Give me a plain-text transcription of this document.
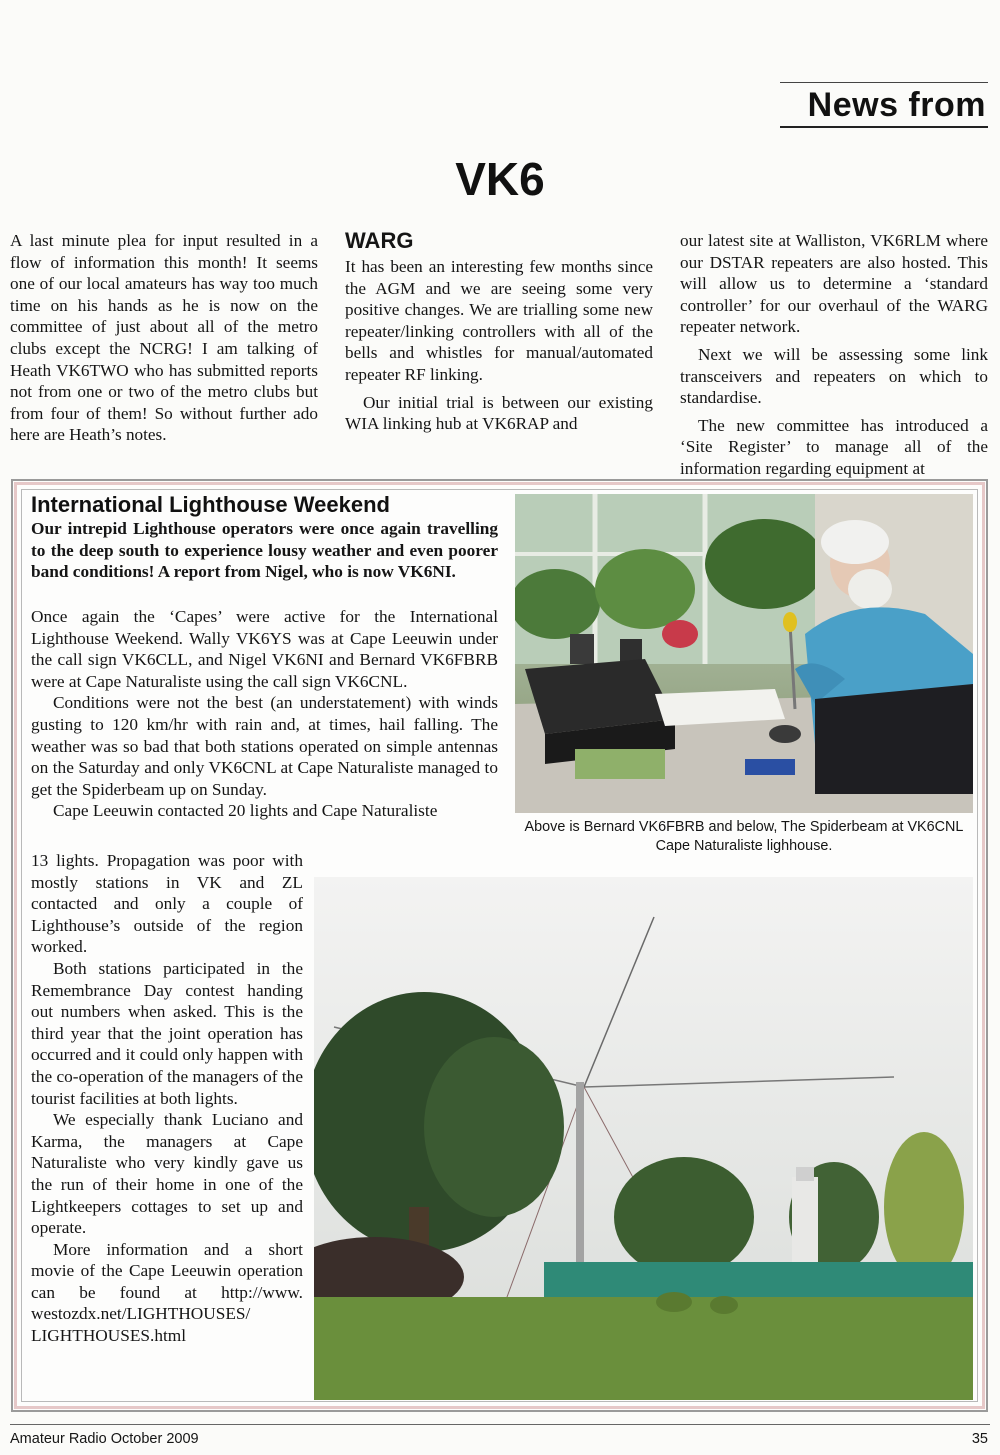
News from
VK6

A last minute plea for input resulted in a flow of information this month! It seems one of our local amateurs has way too much time on his hands as he is now on the committee of just about all of the metro clubs except the NCRG! I am talking of Heath VK6TWO who has submitted reports not from one or two of the metro clubs but from four of them! So without further ado here are Heath’s notes.

WARG

It has been an interesting few months since the AGM and we are seeing some very positive changes. We are trialling some new repeater/linking controllers with all of the bells and whistles for manual/automated repeater RF linking.

Our initial trial is between our existing WIA linking hub at VK6RAP and

our latest site at Walliston, VK6RLM where our DSTAR repeaters are also hosted. This will allow us to determine a ‘standard controller’ for our overhaul of the WARG repeater network.

Next we will be assessing some link transceivers and repeaters on which to standardise.

The new committee has introduced a ‘Site Register’ to manage all of the information regarding equipment at

International Lighthouse Weekend
Our intrepid Lighthouse operators were once again travelling to the deep south to experience lousy weather and even poorer band conditions! A report from Nigel, who is now VK6NI.

Once again the ‘Capes’ were active for the International Lighthouse Weekend. Wally VK6YS was at Cape Leeuwin under the call sign VK6CLL, and Nigel VK6NI and Bernard VK6FBRB were at Cape Naturaliste using the call sign VK6CNL.

Conditions were not the best (an understatement) with winds gusting to 120 km/hr with rain and, at times, hail falling. The weather was so bad that both stations operated on simple antennas on the Saturday and only VK6CNL at Cape Naturaliste managed to get the Spiderbeam up on Sunday.

Cape Leeuwin contacted 20 lights and Cape Naturaliste

13 lights. Propagation was poor with mostly stations in VK and ZL contacted and only a couple of Lighthouse’s outside of the region worked.

Both stations participated in the Remembrance Day contest handing out numbers when asked. This is the third year that the joint operation has occurred and it could only happen with the co-operation of the managers of the tourist facilities at both lights.

We especially thank Luciano and Karma, the managers at Cape Naturaliste who very kindly gave us the run of their home in one of the Lightkeepers cottages to set up and operate.

More information and a short movie of the Cape Leeuwin operation can be found at http://www. westozdx.net/LIGHTHOUSES/ LIGHTHOUSES.html

Above is Bernard VK6FBRB and below, The Spiderbeam at VK6CNL Cape Naturaliste lighhouse.
Amateur Radio October 2009	35
